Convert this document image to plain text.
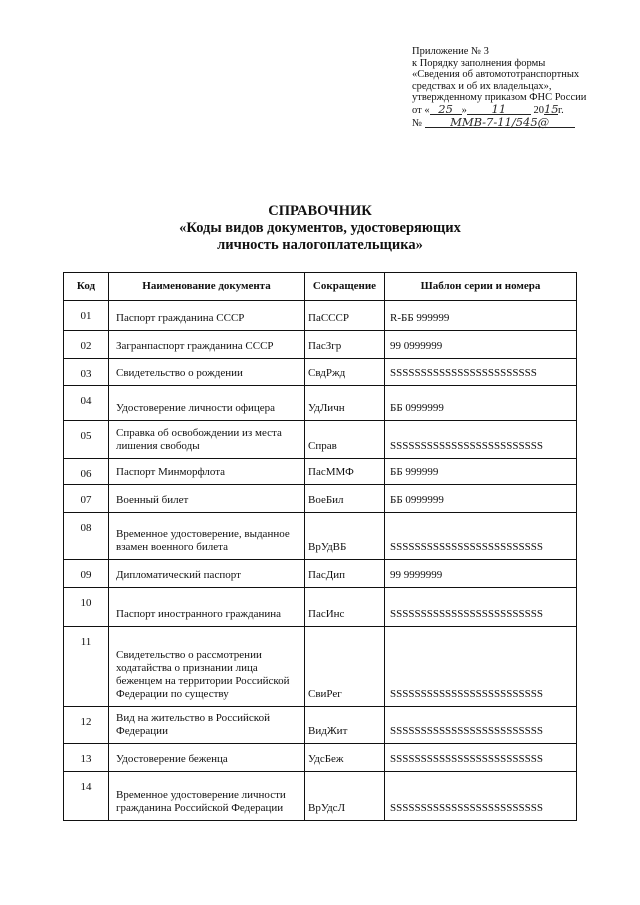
Приложение № 3
к Порядку заполнения формы
«Сведения об автомототранспортных
средствах и об их владельцах»,
утвержденному приказом ФНС России
от « 25 » 11	2015г.
№ ММВ-7-11/545@
СПРАВОЧНИК
«Коды видов документов, удостоверяющих
личность налогоплательщика»
Код	Наименование документа	Сокращение	Шаблон серии и номера
01	Паспорт гражданина СССР	ПаСССР	R-ББ 999999
02	Загранпаспорт гражданина СССР	ПасЗгр	99 0999999
03	Свидетельство о рождении	СвдРжд	SSSSSSSSSSSSSSSSSSSSSSSS
04	Удостоверение личности офицера	УдЛичн	ББ 0999999
05	Справка об освобождении из места лишения свободы	Справ	SSSSSSSSSSSSSSSSSSSSSSSSS
06	Паспорт Минморфлота	ПасММФ	ББ 999999
07	Военный билет	ВоеБил	ББ 0999999
08	Временное удостоверение, выданное взамен военного билета	ВрУдВБ	SSSSSSSSSSSSSSSSSSSSSSSSS
09	Дипломатический паспорт	ПасДип	99 9999999
10	Паспорт иностранного гражданина	ПасИнс	SSSSSSSSSSSSSSSSSSSSSSSSS
11	Свидетельство о рассмотрении ходатайства о признании лица беженцем на территории Российской Федерации по существу	СвиРег	SSSSSSSSSSSSSSSSSSSSSSSSS
12	Вид на жительство в Российской Федерации	ВидЖит	SSSSSSSSSSSSSSSSSSSSSSSSS
13	Удостоверение беженца	УдсБеж	SSSSSSSSSSSSSSSSSSSSSSSSS
14	Временное удостоверение личности гражданина Российской Федерации	ВрУдсЛ	SSSSSSSSSSSSSSSSSSSSSSSSS
